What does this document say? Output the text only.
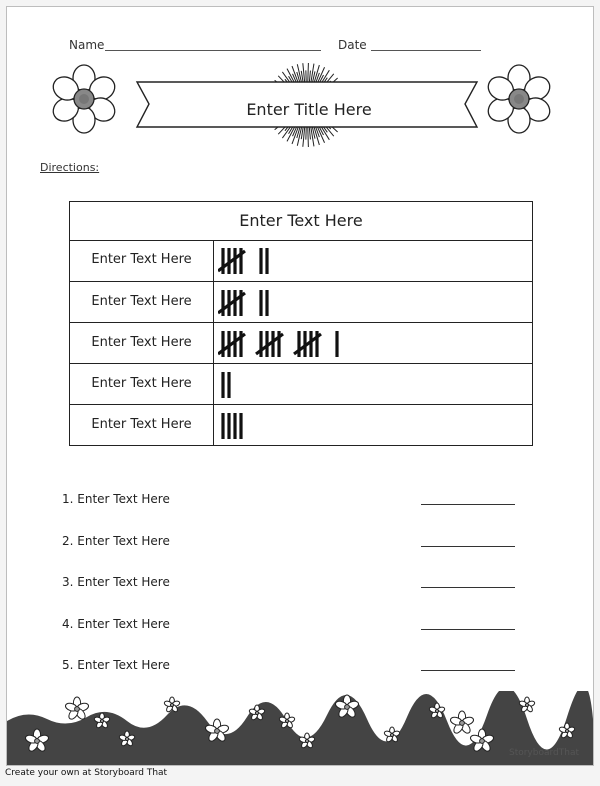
Name	Date
Enter Title Here
Directions:
Enter Text Here
Enter Text Here
Enter Text Here
Enter Text Here
Enter Text Here
Enter Text Here
1. Enter Text Here
2. Enter Text Here
3. Enter Text Here
4. Enter Text Here
5. Enter Text Here
StoryboardThat
Create your own at Storyboard That
